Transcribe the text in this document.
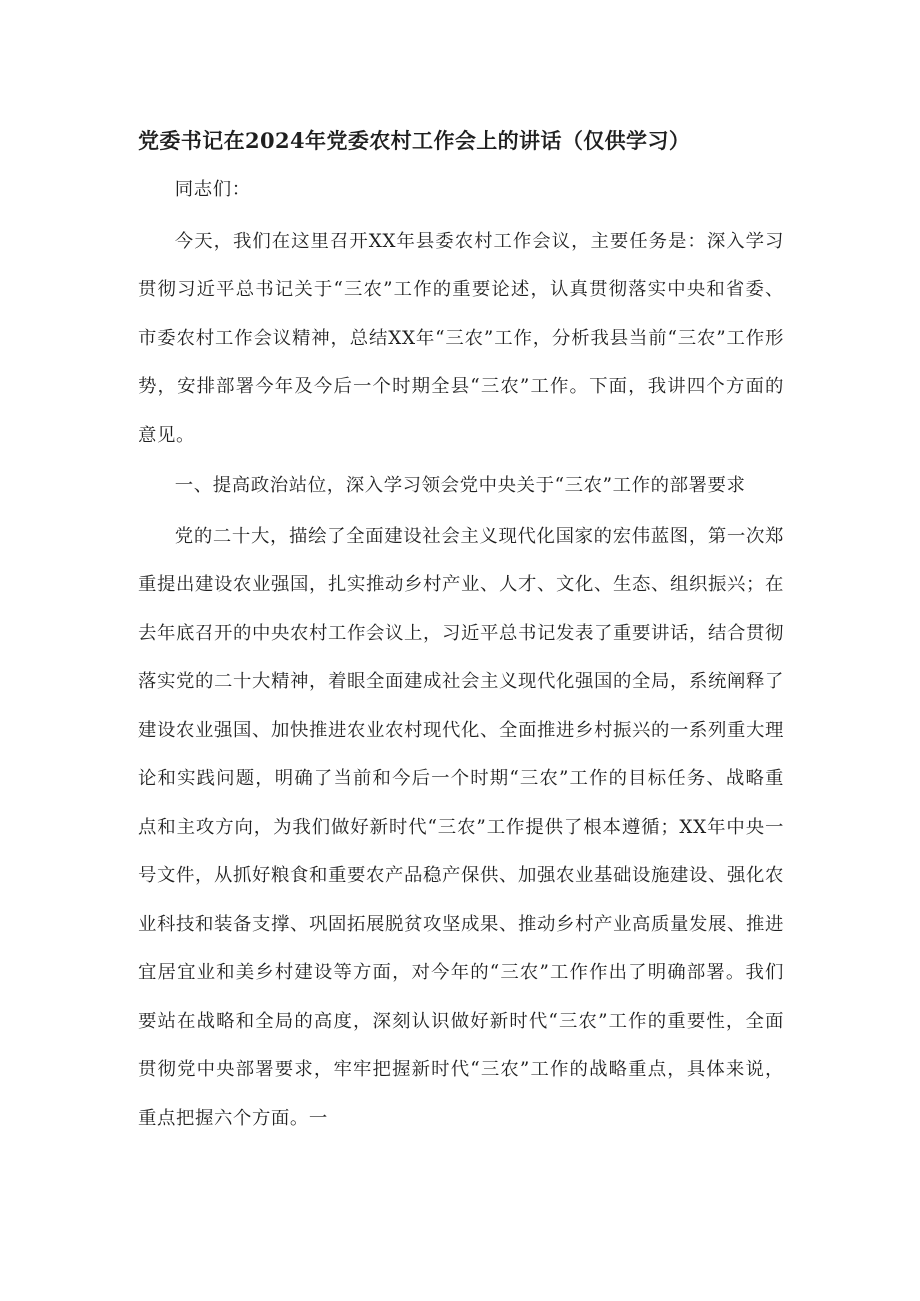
党委书记在2024年党委农村工作会上的讲话（仅供学习）

同志们：

今天，我们在这里召开XX年县委农村工作会议，主要任务是：深入学习贯彻习近平总书记关于“三农”工作的重要论述，认真贯彻落实中央和省委、市委农村工作会议精神，总结XX年“三农”工作，分析我县当前“三农”工作形势，安排部署今年及今后一个时期全县“三农”工作。下面，我讲四个方面的意见。

一、提高政治站位，深入学习领会党中央关于“三农”工作的部署要求

党的二十大，描绘了全面建设社会主义现代化国家的宏伟蓝图，第一次郑重提出建设农业强国，扎实推动乡村产业、人才、文化、生态、组织振兴；在去年底召开的中央农村工作会议上，习近平总书记发表了重要讲话，结合贯彻落实党的二十大精神，着眼全面建成社会主义现代化强国的全局，系统阐释了建设农业强国、加快推进农业农村现代化、全面推进乡村振兴的一系列重大理论和实践问题，明确了当前和今后一个时期“三农”工作的目标任务、战略重点和主攻方向，为我们做好新时代“三农”工作提供了根本遵循；XX年中央一号文件，从抓好粮食和重要农产品稳产保供、加强农业基础设施建设、强化农业科技和装备支撑、巩固拓展脱贫攻坚成果、推动乡村产业高质量发展、推进宜居宜业和美乡村建设等方面，对今年的“三农”工作作出了明确部署。我们要站在战略和全局的高度，深刻认识做好新时代“三农”工作的重要性，全面贯彻党中央部署要求，牢牢把握新时代“三农”工作的战略重点，具体来说，重点把握六个方面。一
